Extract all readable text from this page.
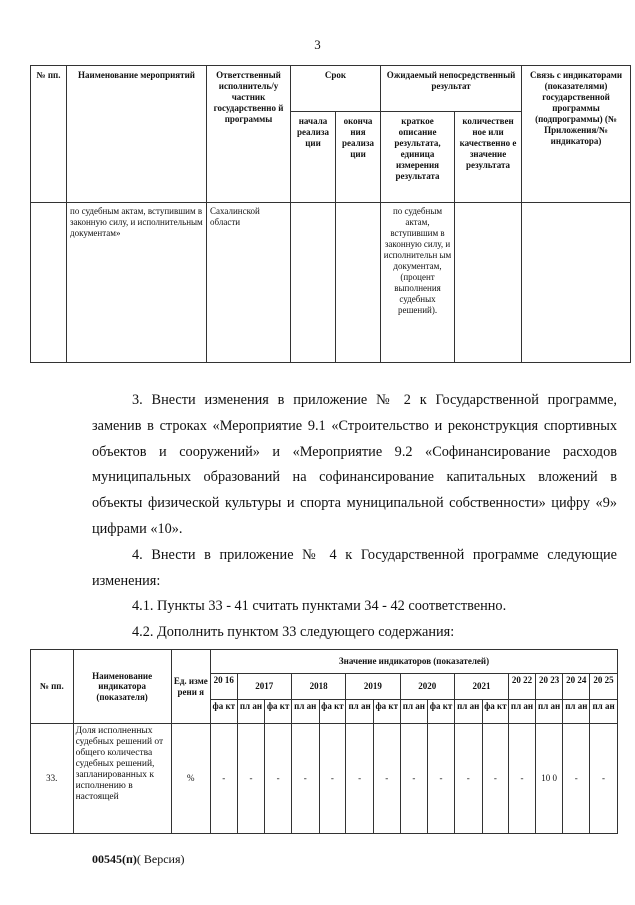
3
№ пп.	Наименование мероприятий	Ответственный исполнитель/у частник государственно й программы	Срок		Ожидаемый непосредственный результат		Связь с индикаторами (показателями) государственной программы (подпрограммы) (№ Приложения/№ индикатора)
			начала реализа ции	оконча ния реализа ции	краткое описание результата, единица измерения результата	количествен ное или качественно е значение результата	
	по судебным актам, вступившим в законную силу, и исполнительным документам»	Сахалинской области			по судебным актам, вступившим в законную силу, и исполнительн ым документам, (процент выполнения судебных решений).		

3. Внести изменения в приложение № 2 к Государственной программе, заменив в строках «Мероприятие 9.1 «Строительство и реконструкция спортивных объектов и сооружений» и «Мероприятие 9.2 «Софинансирование расходов муниципальных образований на софинансирование капитальных вложений в объекты физической культуры и спорта муниципальной собственности» цифру «9» цифрами «10».

4. Внести в приложение № 4 к Государственной программе следующие изменения:

4.1. Пункты 33 - 41 считать пунктами 34 - 42 соответственно.

4.2. Дополнить пунктом 33 следующего содержания:

№ пп.	Наименование индикатора (показателя)	Ед. изме рени я	Значение индикаторов (показателей)														
			20 16	2017		2018		2019		2020		2021		20 22	20 23	20 24	20 25
			фа кт	пл ан	фа кт	пл ан	фа кт	пл ан	фа кт	пл ан	фа кт	пл ан	фа кт	пл ан	пл ан	пл ан	пл ан
33.	Доля исполненных судебных решений от общего количества судебных решений, запланированных к исполнению в настоящей	%	-	-	-	-	-	-	-	-	-	-	-	-	10 0	-	-

00545(п)( Версия)
